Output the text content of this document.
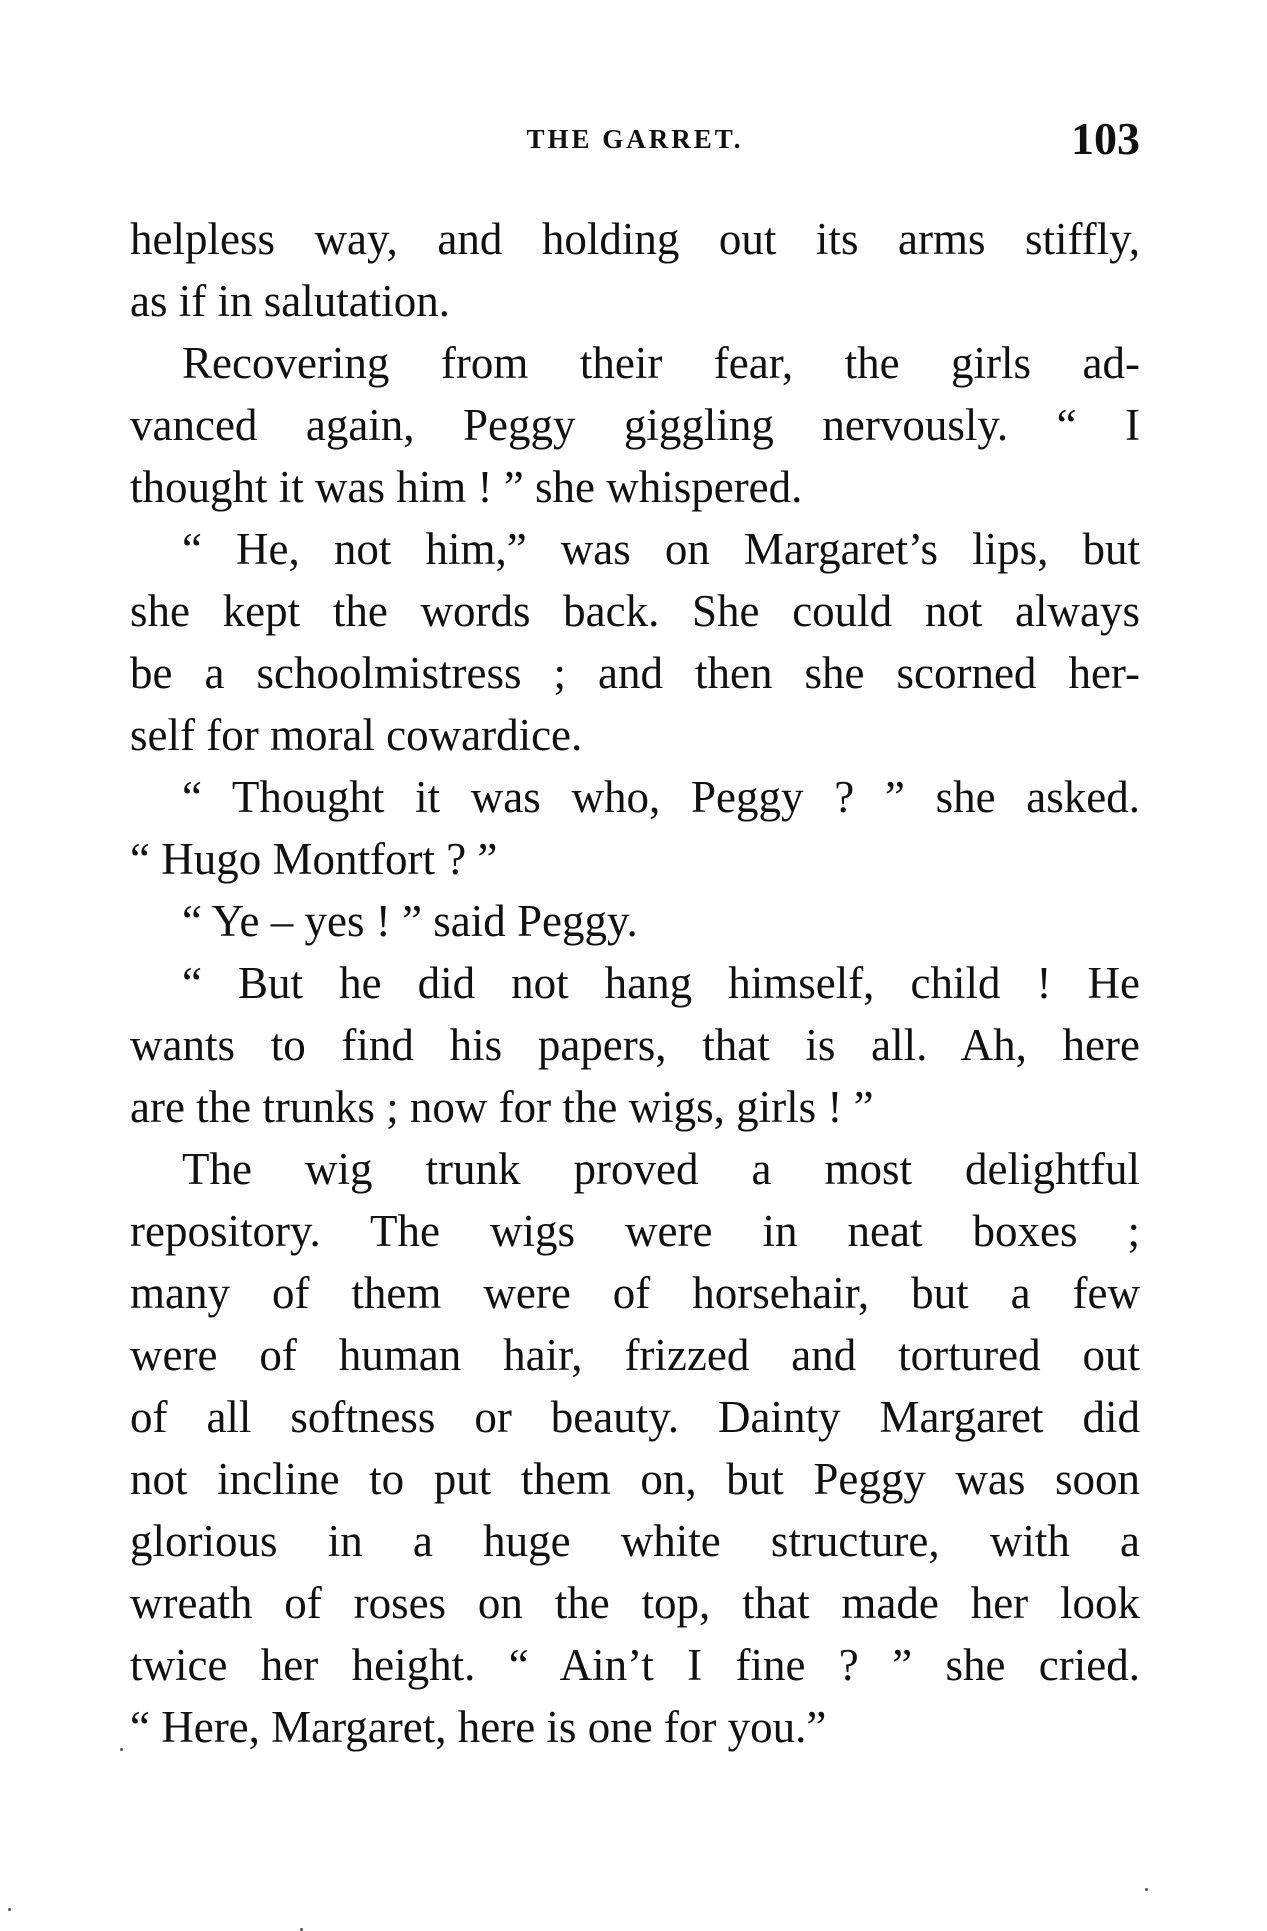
THE GARRET.	103
helpless way, and holding out its arms stiffly,
as if in salutation.
Recovering from their fear, the girls ad-
vanced again, Peggy giggling nervously. “ I
thought it was him ! ” she whispered.
“ He, not him,” was on Margaret’s lips, but
she kept the words back. She could not always
be a schoolmistress ; and then she scorned her-
self for moral cowardice.
“ Thought it was who, Peggy ? ” she asked.
“ Hugo Montfort ? ”
“ Ye – yes ! ” said Peggy.
“ But he did not hang himself, child ! He
wants to find his papers, that is all. Ah, here
are the trunks ; now for the wigs, girls ! ”
The wig trunk proved a most delightful
repository. The wigs were in neat boxes ;
many of them were of horsehair, but a few
were of human hair, frizzed and tortured out
of all softness or beauty. Dainty Margaret did
not incline to put them on, but Peggy was soon
glorious in a huge white structure, with a
wreath of roses on the top, that made her look
twice her height. “ Ain’t I fine ? ” she cried.
“ Here, Margaret, here is one for you.”
